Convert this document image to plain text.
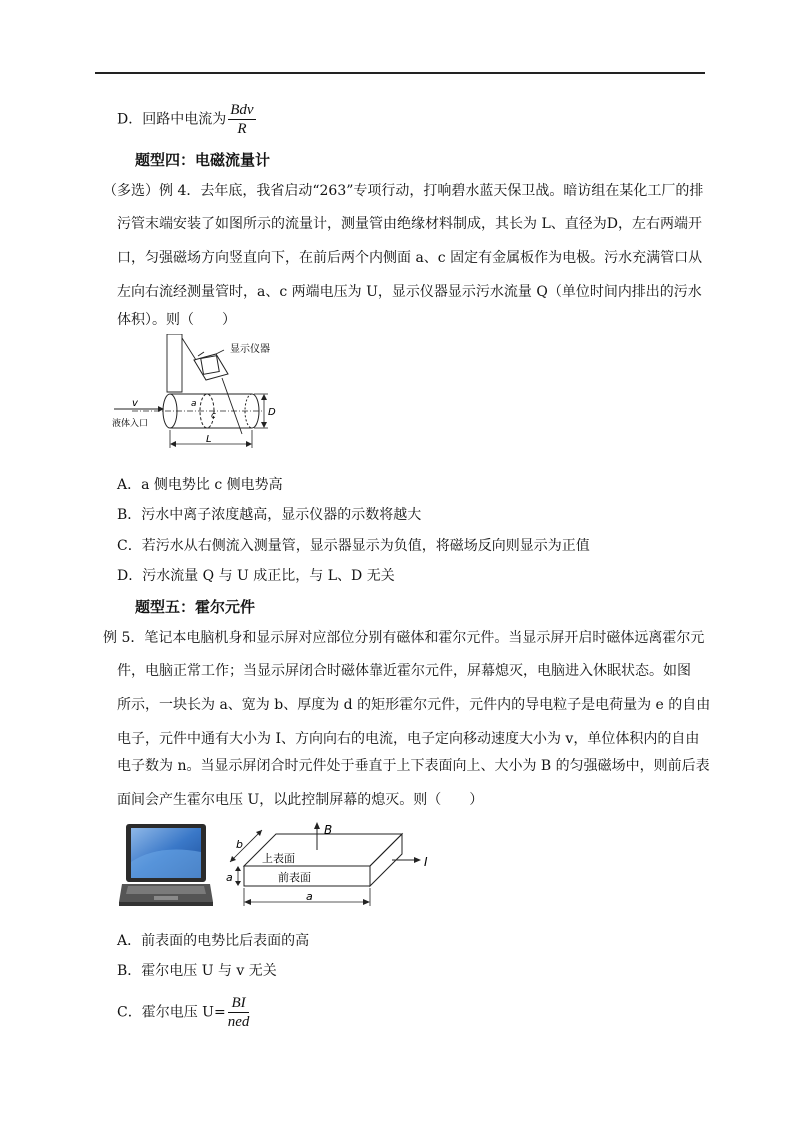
D．回路中电流为 $\frac{\text{Bdv}}{R}$
题型四：电磁流量计
（多选）例 4．去年底，我省启动“263”专项行动，打响碧水蓝天保卫战。暗访组在某化工厂的排
污管末端安装了如图所示的流量计，测量管由绝缘材料制成，其长为 L、直径为D，左右两端开
口，匀强磁场方向竖直向下，在前后两个内侧面 a、c 固定有金属板作为电极。污水充满管口从
左向右流经测量管时，a、c 两端电压为 U，显示仪器显示污水流量 Q（单位时间内排出的污水
体积）。则（　　）
显示仪器
v
液体入口
a
c	D
L
A．a 侧电势比 c 侧电势高
B．污水中离子浓度越高，显示仪器的示数将越大
C．若污水从右侧流入测量管，显示器显示为负值，将磁场反向则显示为正值
D．污水流量 Q 与 U 成正比，与 L、D 无关
题型五：霍尔元件
例 5．笔记本电脑机身和显示屏对应部位分别有磁体和霍尔元件。当显示屏开启时磁体远离霍尔元
件，电脑正常工作；当显示屏闭合时磁体靠近霍尔元件，屏幕熄灭，电脑进入休眠状态。如图
所示，一块长为 a、宽为 b、厚度为 d 的矩形霍尔元件，元件内的导电粒子是电荷量为 e 的自由
电子，元件中通有大小为 I、方向向右的电流，电子定向移动速度大小为 v，单位体积内的自由
电子数为 n。当显示屏闭合时元件处于垂直于上下表面向上、大小为 B 的匀强磁场中，则前后表
面间会产生霍尔电压 U，以此控制屏幕的熄灭。则（　　）
B
I
b
a
上表面
前表面
a
A．前表面的电势比后表面的高
B．霍尔电压 U 与 v 无关
C．霍尔电压 $U= \frac{BI}{\text{ned}}$
